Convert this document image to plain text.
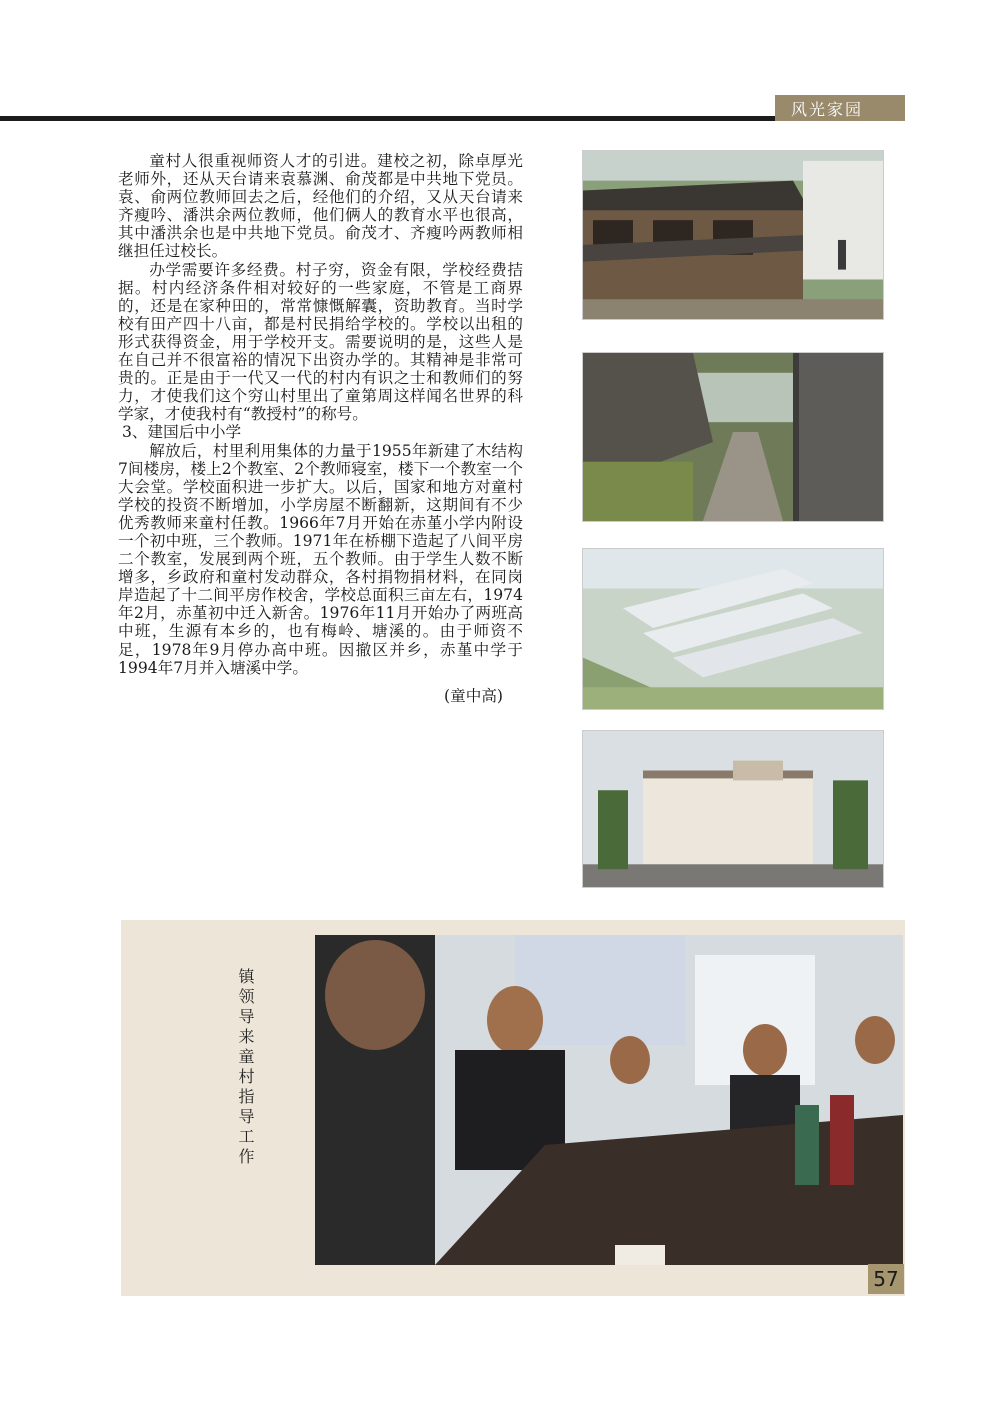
风光家园

童村人很重视师资人才的引进。建校之初，除卓厚光老师外，还从天台请来袁慕渊、俞茂都是中共地下党员。袁、俞两位教师回去之后，经他们的介绍，又从天台请来齐瘦吟、潘洪余两位教师，他们俩人的教育水平也很高，其中潘洪余也是中共地下党员。俞茂才、齐瘦吟两教师相继担任过校长。

办学需要许多经费。村子穷，资金有限，学校经费拮据。村内经济条件相对较好的一些家庭，不管是工商界的，还是在家种田的，常常慷慨解囊，资助教育。当时学校有田产四十八亩，都是村民捐给学校的。学校以出租的形式获得资金，用于学校开支。需要说明的是，这些人是在自己并不很富裕的情况下出资办学的。其精神是非常可贵的。正是由于一代又一代的村内有识之士和教师们的努力，才使我们这个穷山村里出了童第周这样闻名世界的科学家，才使我村有“教授村”的称号。

3、建国后中小学

解放后，村里利用集体的力量于1955年新建了木结构7间楼房，楼上2个教室、2个教师寝室，楼下一个教室一个大会堂。学校面积进一步扩大。以后，国家和地方对童村学校的投资不断增加，小学房屋不断翻新，这期间有不少优秀教师来童村任教。1966年7月开始在赤堇小学内附设一个初中班，三个教师。1971年在桥棚下造起了八间平房二个教室，发展到两个班，五个教师。由于学生人数不断增多，乡政府和童村发动群众，各村捐物捐材料，在同岗岸造起了十二间平房作校舍，学校总面积三亩左右，1974年2月，赤堇初中迁入新舍。1976年11月开始办了两班高中班，生源有本乡的，也有梅岭、塘溪的。由于师资不足，1978年9月停办高中班。因撤区并乡，赤堇中学于1994年7月并入塘溪中学。

(童中高)

镇领导来童村指导工作
57
